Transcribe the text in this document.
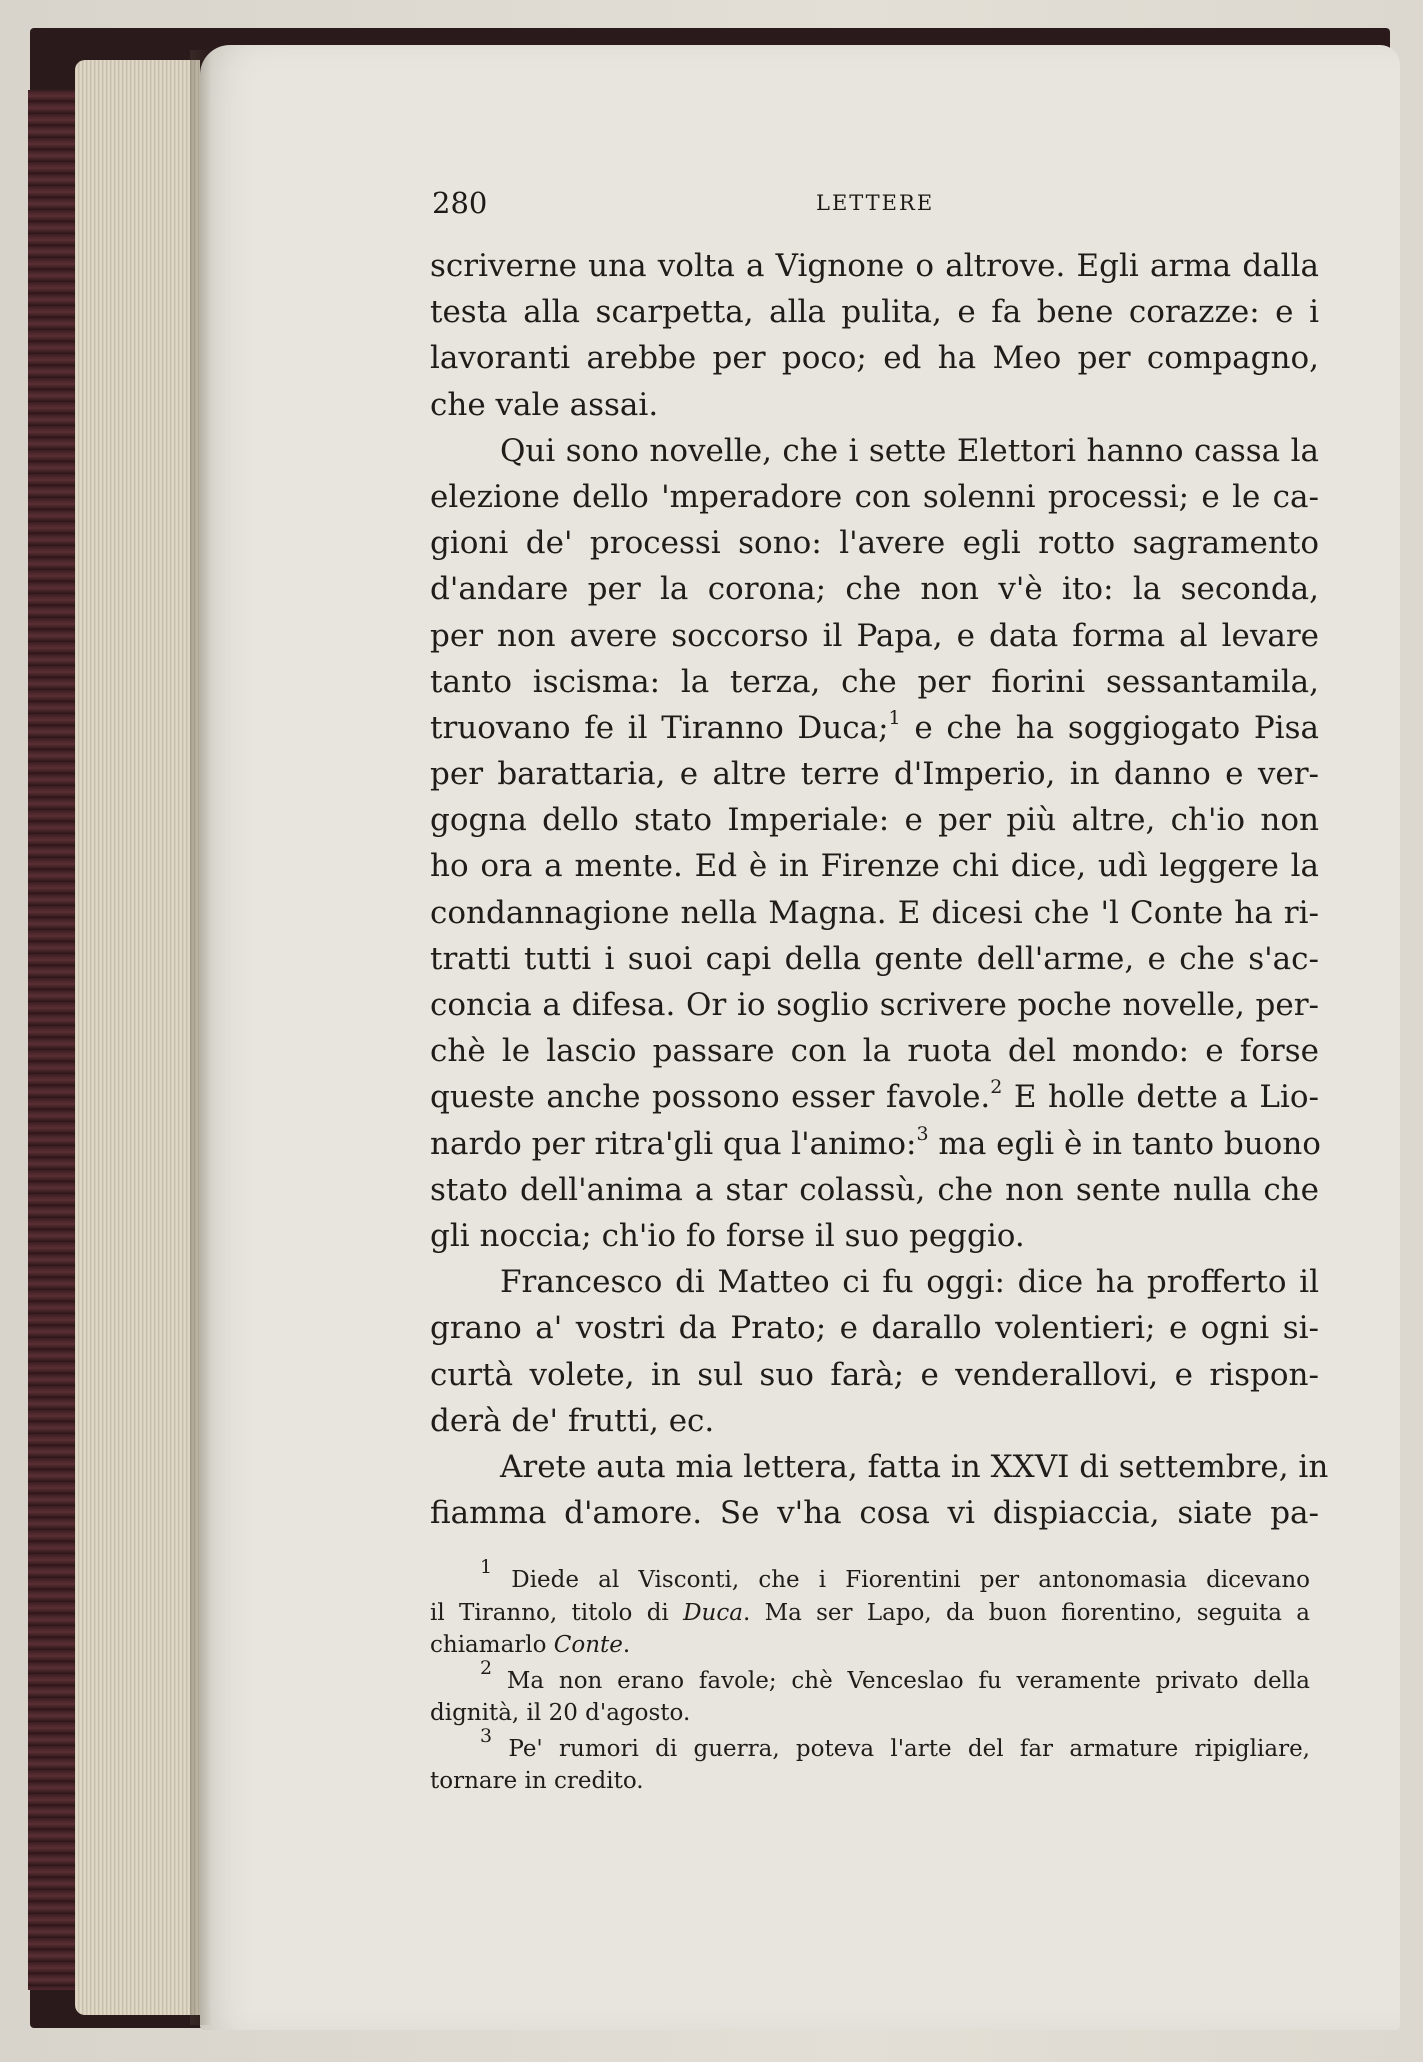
280	LETTERE
scriverne una volta a Vignone o altrove. Egli arma dalla
testa alla scarpetta, alla pulita, e fa bene corazze: e i
lavoranti arebbe per poco; ed ha Meo per compagno,
che vale assai.
Qui sono novelle, che i sette Elettori hanno cassa la
elezione dello 'mperadore con solenni processi; e le ca-
gioni de' processi sono: l'avere egli rotto sagramento
d'andare per la corona; che non v'è ito: la seconda,
per non avere soccorso il Papa, e data forma al levare
tanto iscisma: la terza, che per fiorini sessantamila,
truovano fe il Tiranno Duca;$^1$ e che ha soggiogato Pisa
per barattaria, e altre terre d'Imperio, in danno e ver-
gogna dello stato Imperiale: e per più altre, ch'io non
ho ora a mente. Ed è in Firenze chi dice, udì leggere la
condannagione nella Magna. E dicesi che 'l Conte ha ri-
tratti tutti i suoi capi della gente dell'arme, e che s'ac-
concia a difesa. Or io soglio scrivere poche novelle, per-
chè le lascio passare con la ruota del mondo: e forse
queste anche possono esser favole.$^2$ E holle dette a Lio-
nardo per ritra'gli qua l'animo:$^3$ ma egli è in tanto buono
stato dell'anima a star colassù, che non sente nulla che
gli noccia; ch'io fo forse il suo peggio.
Francesco di Matteo ci fu oggi: dice ha profferto il
grano a' vostri da Prato; e darallo volentieri; e ogni si-
curtà volete, in sul suo farà; e venderallovi, e rispon-
derà de' frutti, ec.
Arete auta mia lettera, fatta in XXVI di settembre, in
fiamma d'amore. Se v'ha cosa vi dispiaccia, siate pa-
$^1$ Diede al Visconti, che i Fiorentini per antonomasia dicevano
il Tiranno, titolo di Duca. Ma ser Lapo, da buon fiorentino, seguita a
chiamarlo Conte.
$^2$ Ma non erano favole; chè Venceslao fu veramente privato della
dignità, il 20 d'agosto.
$^3$ Pe' rumori di guerra, poteva l'arte del far armature ripigliare,
tornare in credito.
